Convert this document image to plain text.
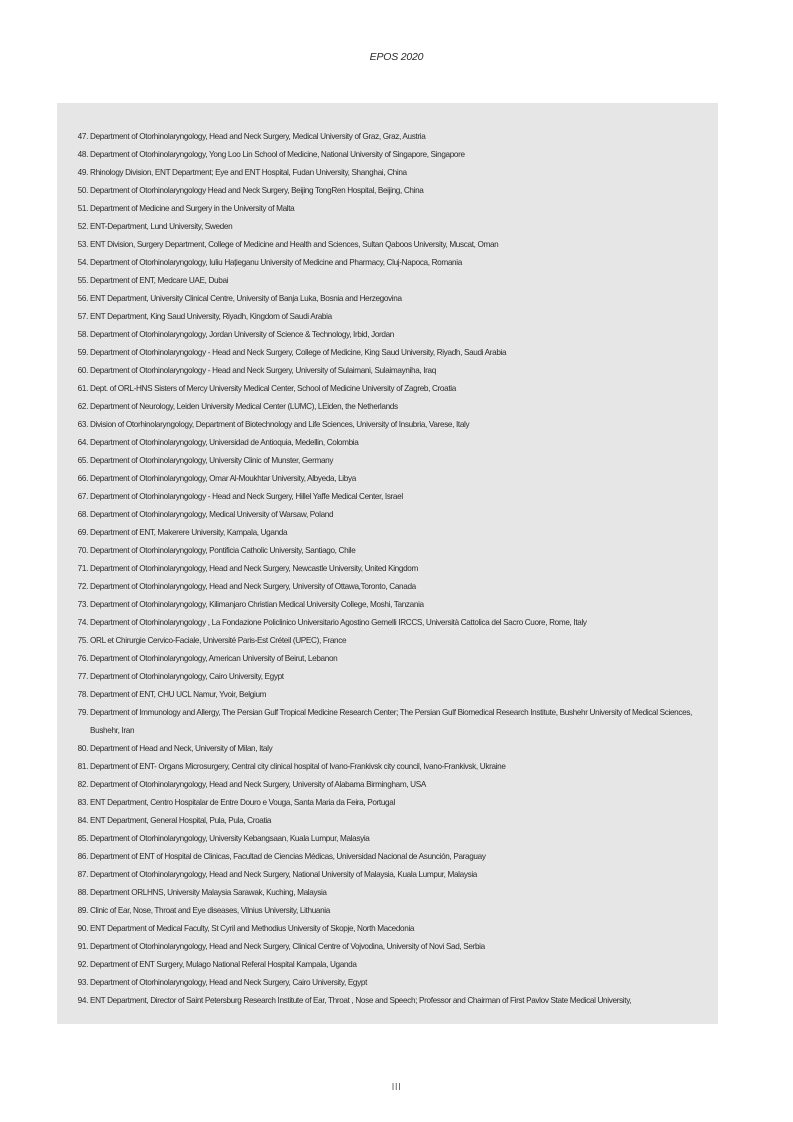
EPOS 2020
47. Department of Otorhinolaryngology, Head and Neck Surgery, Medical University of Graz, Graz, Austria
48. Department of Otorhinolaryngology, Yong Loo Lin School of Medicine, National University of Singapore, Singapore
49. Rhinology Division, ENT Department; Eye and ENT Hospital, Fudan University, Shanghai, China
50. Department of Otorhinolaryngology Head and Neck Surgery, Beijing TongRen Hospital, Beijing, China
51. Department of Medicine and Surgery in the University of Malta
52. ENT-Department, Lund University, Sweden
53. ENT Division, Surgery Department, College of Medicine and Health and Sciences, Sultan Qaboos University, Muscat, Oman
54. Department of Otorhinolaryngology, Iuliu Hațieganu University of Medicine and Pharmacy, Cluj-Napoca, Romania
55. Department of ENT, Medcare UAE, Dubai
56. ENT Department, University Clinical Centre, University of Banja Luka, Bosnia and Herzegovina
57. ENT Department, King Saud University, Riyadh, Kingdom of Saudi Arabia
58. Department of Otorhinolaryngology, Jordan University of Science & Technology, Irbid, Jordan
59. Department of Otorhinolaryngology - Head and Neck Surgery, College of Medicine, King Saud University, Riyadh, Saudi Arabia
60. Department of Otorhinolaryngology - Head and Neck Surgery, University of Sulaimani, Sulaimayniha, Iraq
61. Dept. of ORL-HNS Sisters of Mercy University Medical Center, School of Medicine University of Zagreb, Croatia
62. Department of Neurology, Leiden University Medical Center (LUMC), LEiden, the Netherlands
63. Division of Otorhinolaryngology, Department of Biotechnology and Life Sciences, University of Insubria, Varese, Italy
64. Department of Otorhinolaryngology, Universidad de Antioquia, Medellin, Colombia
65. Department of Otorhinolaryngology, University Clinic of Munster, Germany
66. Department of Otorhinolaryngology, Omar Al-Moukhtar University, Albyeda, Libya
67. Department of Otorhinolaryngology - Head and Neck Surgery, Hillel Yaffe Medical Center, Israel
68. Department of Otorhinolaryngology, Medical University of Warsaw, Poland
69. Department of ENT, Makerere University, Kampala, Uganda
70. Department of Otorhinolaryngology, Pontificia Catholic University, Santiago, Chile
71. Department of Otorhinolaryngology, Head and Neck Surgery, Newcastle University, United Kingdom
72. Department of Otorhinolaryngology, Head and Neck Surgery, University of Ottawa,Toronto, Canada
73. Department of Otorhinolaryngology, Kilimanjaro Christian Medical University College, Moshi, Tanzania
74. Department of Otorhinolaryngology , La Fondazione Policlinico Universitario Agostino Gemelli IRCCS, Università Cattolica del Sacro Cuore, Rome, Italy
75. ORL et Chirurgie Cervico-Faciale, Université Paris-Est Créteil (UPEC), France
76. Department of Otorhinolaryngology, American University of Beirut, Lebanon
77. Department of Otorhinolaryngology, Cairo University, Egypt
78. Department of ENT, CHU UCL Namur, Yvoir, Belgium
79. Department of Immunology and Allergy, The Persian Gulf Tropical Medicine Research Center; The Persian Gulf Biomedical Research Institute, Bushehr University of Medical Sciences, Bushehr, Iran
80. Department of Head and Neck, University of Milan, Italy
81. Department of ENT- Organs Microsurgery, Central city clinical hospital of Ivano-Frankivsk city council, Ivano-Frankivsk, Ukraine
82. Department of Otorhinolaryngology, Head and Neck Surgery, University of Alabama Birmingham, USA
83. ENT Department, Centro Hospitalar de Entre Douro e Vouga, Santa Maria da Feira, Portugal
84. ENT Department, General Hospital, Pula, Pula, Croatia
85. Department of Otorhinolaryngology, University Kebangsaan, Kuala Lumpur, Malasyia
86. Department of ENT of Hospital de Clinicas, Facultad de Ciencias Médicas, Universidad Nacional de Asunción, Paraguay
87. Department of Otorhinolaryngology, Head and Neck Surgery, National University of Malaysia, Kuala Lumpur, Malaysia
88. Department ORLHNS, University Malaysia Sarawak, Kuching, Malaysia
89. Clinic of Ear, Nose, Throat and Eye diseases, Vilnius University, Lithuania
90. ENT Department of Medical Faculty, St Cyril and Methodius University of Skopje, North Macedonia
91. Department of Otorhinolaryngology, Head and Neck Surgery, Clinical Centre of Vojvodina, University of Novi Sad, Serbia
92. Department of ENT Surgery, Mulago National Referal Hospital Kampala, Uganda
93. Department of Otorhinolaryngology, Head and Neck Surgery, Cairo University, Egypt
94. ENT Department, Director of Saint Petersburg Research Institute of Ear, Throat , Nose and Speech; Professor and Chairman of First Pavlov State Medical University,
III
